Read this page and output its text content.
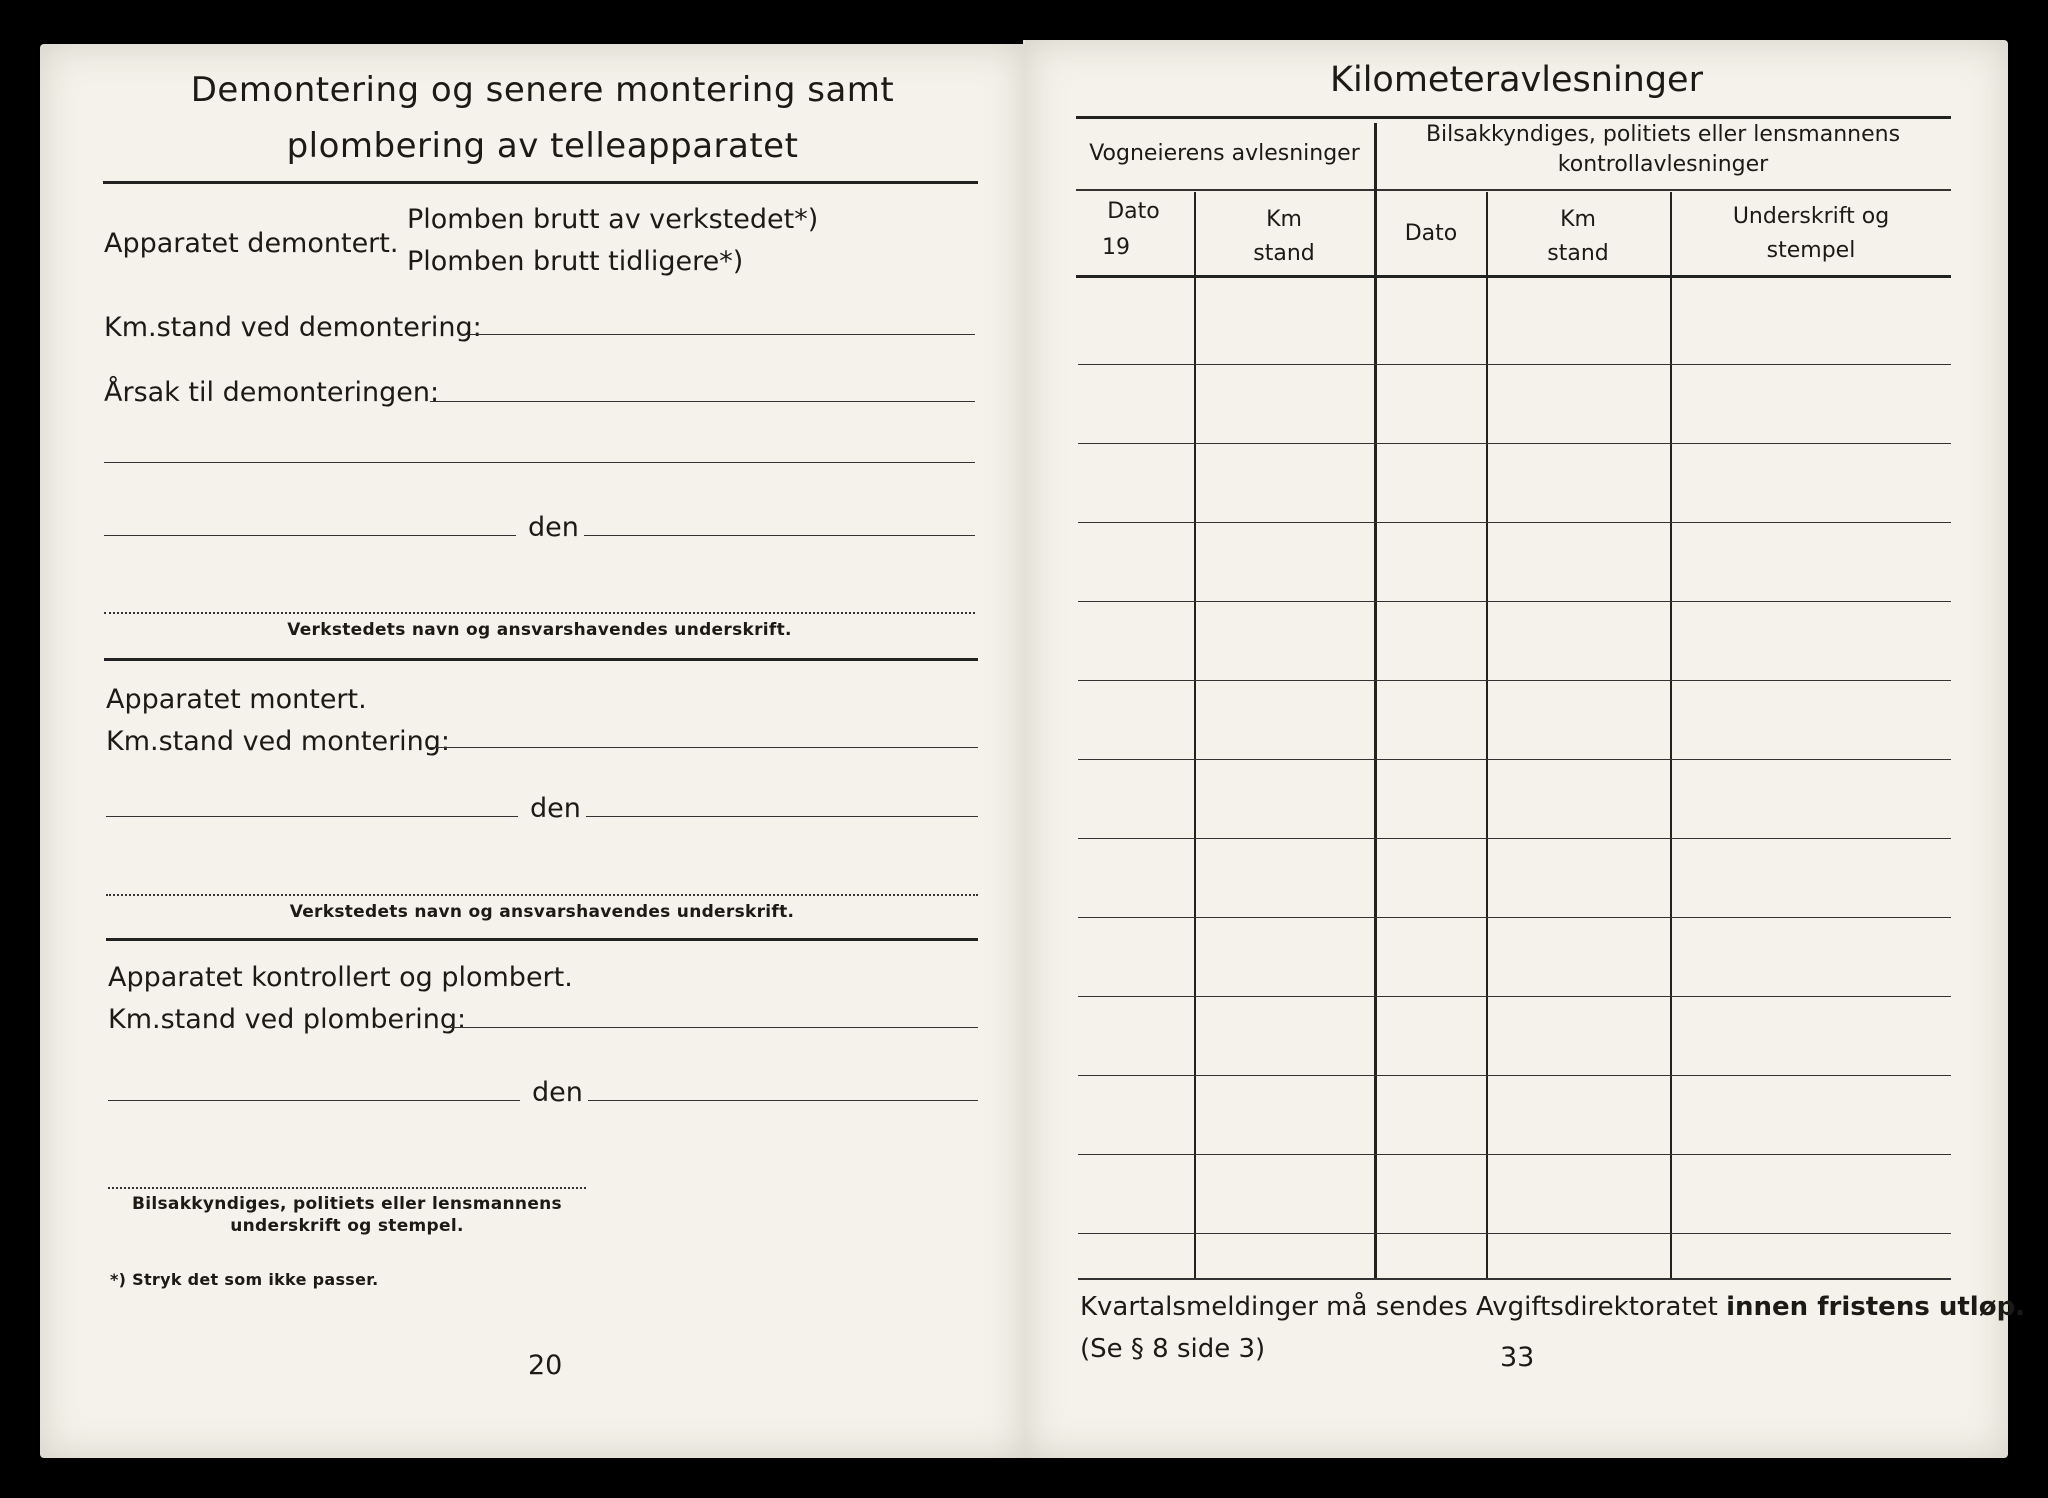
Demontering og senere montering samt
plombering av telleapparatet
Apparatet demontert.
Plomben brutt av verkstedet*)
Plomben brutt tidligere*)
Km.stand ved demontering:
Årsak til demonteringen:
den
Verkstedets navn og ansvarshavendes underskrift.
Apparatet montert.
Km.stand ved montering:
den
Verkstedets navn og ansvarshavendes underskrift.
Apparatet kontrollert og plombert.
Km.stand ved plombering:
den
Bilsakkyndiges, politiets eller lensmannens
underskrift og stempel.
*) Stryk det som ikke passer.
20
Kilometeravlesninger
Vogneierens avlesninger
Bilsakkyndiges, politiets eller lensmannens
kontrollavlesninger
Dato
19
Km
stand
Dato
Km
stand
Underskrift og
stempel
Kvartalsmeldinger må sendes Avgiftsdirektoratet innen fristens utløp.
(Se § 8 side 3)	33
